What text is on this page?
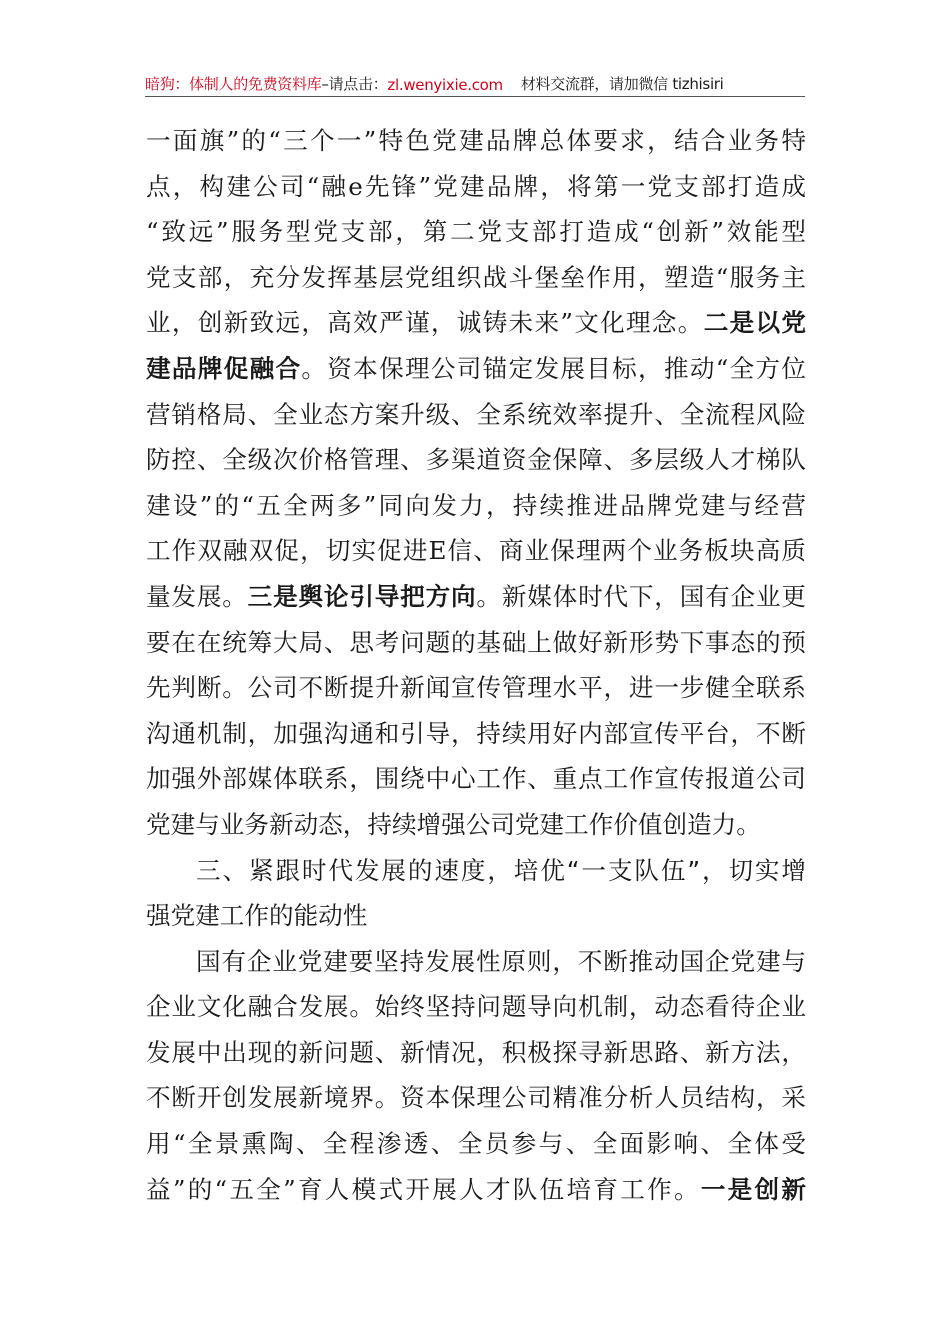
暗狗：体制人的免费资料库 –请点击： zl.wenyixie.com 材料交流群，请加微信 tizhisiri
一面旗”的“三个一”特色党建品牌总体要求，结合业务特
点，构建公司“融e先锋”党建品牌，将第一党支部打造成
“致远”服务型党支部，第二党支部打造成“创新”效能型
党支部，充分发挥基层党组织战斗堡垒作用，塑造“服务主
业，创新致远，高效严谨，诚铸未来”文化理念。二是以党
建品牌促融合。资本保理公司锚定发展目标，推动“全方位
营销格局、全业态方案升级、全系统效率提升、全流程风险
防控、全级次价格管理、多渠道资金保障、多层级人才梯队
建设”的“五全两多”同向发力，持续推进品牌党建与经营
工作双融双促，切实促进E信、商业保理两个业务板块高质
量发展。三是舆论引导把方向。新媒体时代下，国有企业更
要在在统筹大局、思考问题的基础上做好新形势下事态的预
先判断。公司不断提升新闻宣传管理水平，进一步健全联系
沟通机制，加强沟通和引导，持续用好内部宣传平台，不断
加强外部媒体联系，围绕中心工作、重点工作宣传报道公司
党建与业务新动态，持续增强公司党建工作价值创造力。
三、紧跟时代发展的速度，培优“一支队伍”，切实增
强党建工作的能动性
国有企业党建要坚持发展性原则，不断推动国企党建与
企业文化融合发展。始终坚持问题导向机制，动态看待企业
发展中出现的新问题、新情况，积极探寻新思路、新方法，
不断开创发展新境界。资本保理公司精准分析人员结构，采
用“全景熏陶、全程渗透、全员参与、全面影响、全体受
益”的“五全”育人模式开展人才队伍培育工作。一是创新
